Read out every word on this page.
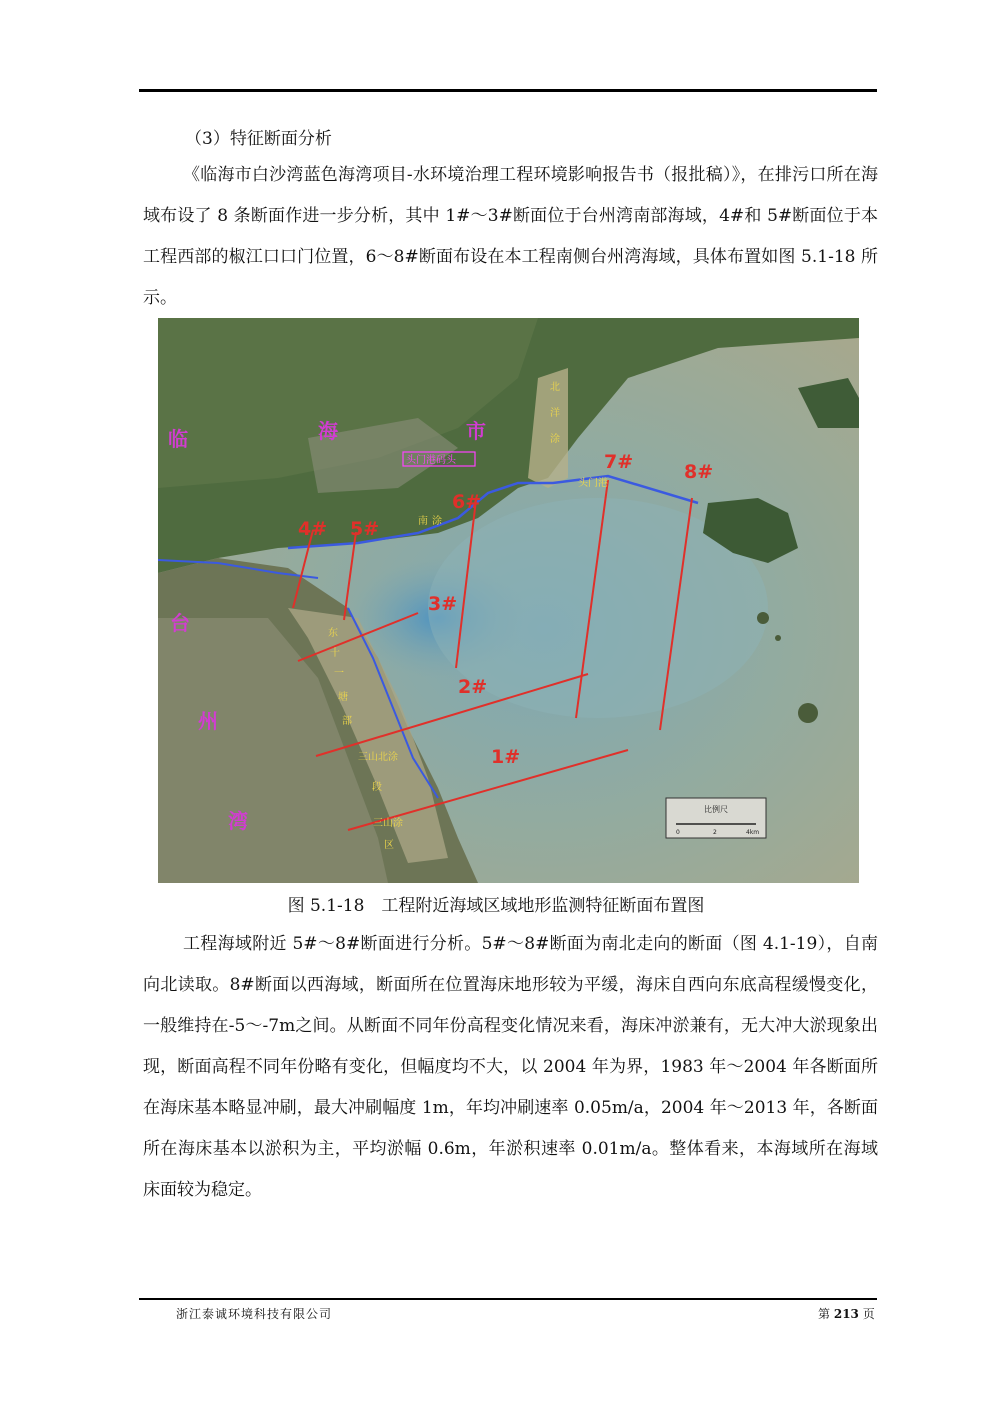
（3）特征断面分析
《临海市白沙湾蓝色海湾项目-水环境治理工程环境影响报告书（报批稿）》，在排污口所在海域布设了 8 条断面作进一步分析，其中 1#～3#断面位于台州湾南部海域，4#和 5#断面位于本工程西部的椒江口口门位置，6～8#断面布设在本工程南侧台州湾海域，具体布置如图 5.1-18 所示。
比例尺
0	2	4km
1#
2#
3#
4# 5#
6#
7#	8#
临	海	市
台
州
湾
头门港码头
北
洋
涂
东
十
一
塘
部
三山北涂
段
三山涂
区
南 涂
头门港
图 5.1-18　工程附近海域区域地形监测特征断面布置图
工程海域附近 5#～8#断面进行分析。5#～8#断面为南北走向的断面（图 4.1-19），自南向北读取。8#断面以西海域，断面所在位置海床地形较为平缓，海床自西向东底高程缓慢变化，一般维持在-5～-7m之间。从断面不同年份高程变化情况来看，海床冲淤兼有，无大冲大淤现象出现，断面高程不同年份略有变化，但幅度均不大，以 2004 年为界，1983 年～2004 年各断面所在海床基本略显冲刷，最大冲刷幅度 1m，年均冲刷速率 0.05m/a，2004 年～2013 年，各断面所在海床基本以淤积为主，平均淤幅 0.6m，年淤积速率 0.01m/a。整体看来，本海域所在海域床面较为稳定。
浙江泰诚环境科技有限公司	第 213 页
